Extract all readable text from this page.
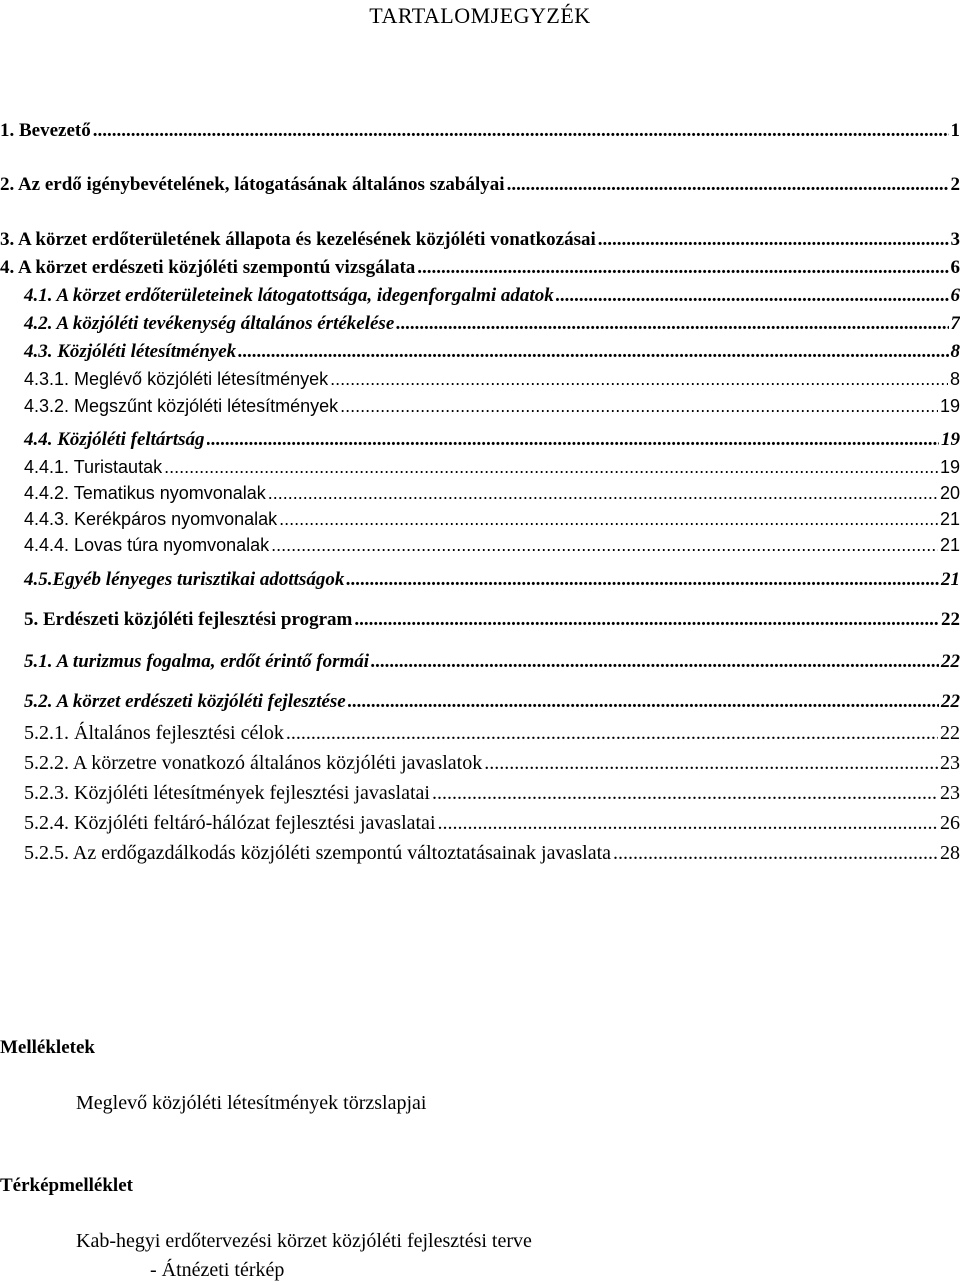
TARTALOMJEGYZÉK
1. Bevezető .....	1
2. Az erdő igénybevételének, látogatásának általános szabályai .....	2
3. A körzet erdőterületének állapota és kezelésének közjóléti vonatkozásai .....	3
4. A körzet erdészeti közjóléti szempontú vizsgálata .....	6
4.1. A körzet erdőterületeinek látogatottsága, idegenforgalmi adatok .....	6
4.2. A közjóléti tevékenység általános értékelése .....	7
4.3. Közjóléti létesítmények .....	8
4.3.1. Meglévő közjóléti létesítmények .....	8
4.3.2. Megszűnt közjóléti létesítmények .....	19
4.4. Közjóléti feltártság .....	19
4.4.1. Turistautak .....	19
4.4.2. Tematikus nyomvonalak .....	20
4.4.3. Kerékpáros nyomvonalak .....	21
4.4.4. Lovas túra nyomvonalak .....	21
4.5.Egyéb lényeges turisztikai adottságok .....	21
5. Erdészeti közjóléti fejlesztési program .....	22
5.1. A turizmus fogalma, erdőt érintő formái .....	22
5.2. A körzet erdészeti közjóléti fejlesztése .....	22
5.2.1. Általános fejlesztési célok .....	22
5.2.2. A körzetre vonatkozó általános közjóléti javaslatok .....	23
5.2.3. Közjóléti létesítmények fejlesztési javaslatai .....	23
5.2.4. Közjóléti feltáró-hálózat fejlesztési javaslatai .....	26
5.2.5. Az erdőgazdálkodás közjóléti szempontú változtatásainak javaslata .....	28
Mellékletek
Meglevő közjóléti létesítmények törzslapjai
Térképmelléklet
Kab-hegyi erdőtervezési körzet közjóléti fejlesztési terve
- Átnézeti térkép
